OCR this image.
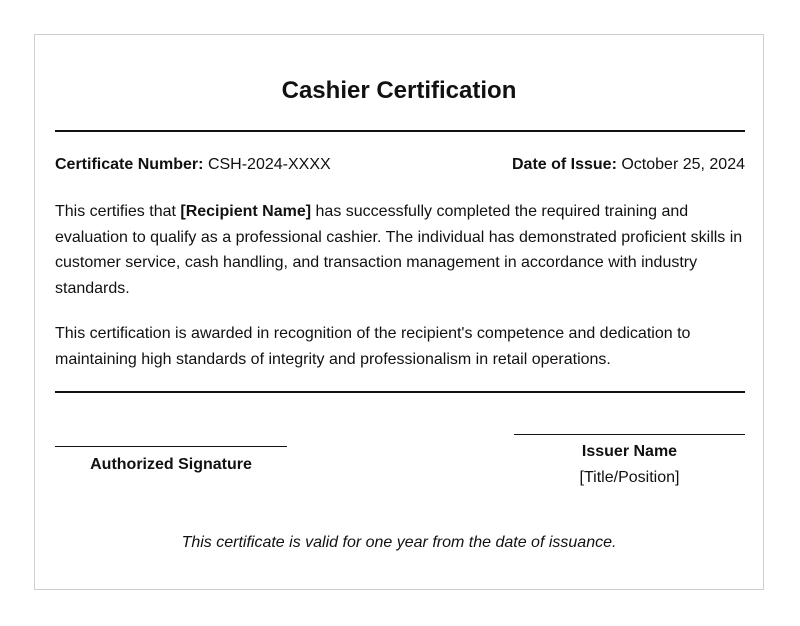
Cashier Certification
Certificate Number: CSH-2024-XXXX	Date of Issue: October 25, 2024

This certifies that [Recipient Name] has successfully completed the required training and evaluation to qualify as a professional cashier. The individual has demonstrated proficient skills in customer service, cash handling, and transaction management in accordance with industry standards.

This certification is awarded in recognition of the recipient's competence and dedication to maintaining high standards of integrity and professionalism in retail operations.

Authorized Signature
Issuer Name
[Title/Position]
This certificate is valid for one year from the date of issuance.
